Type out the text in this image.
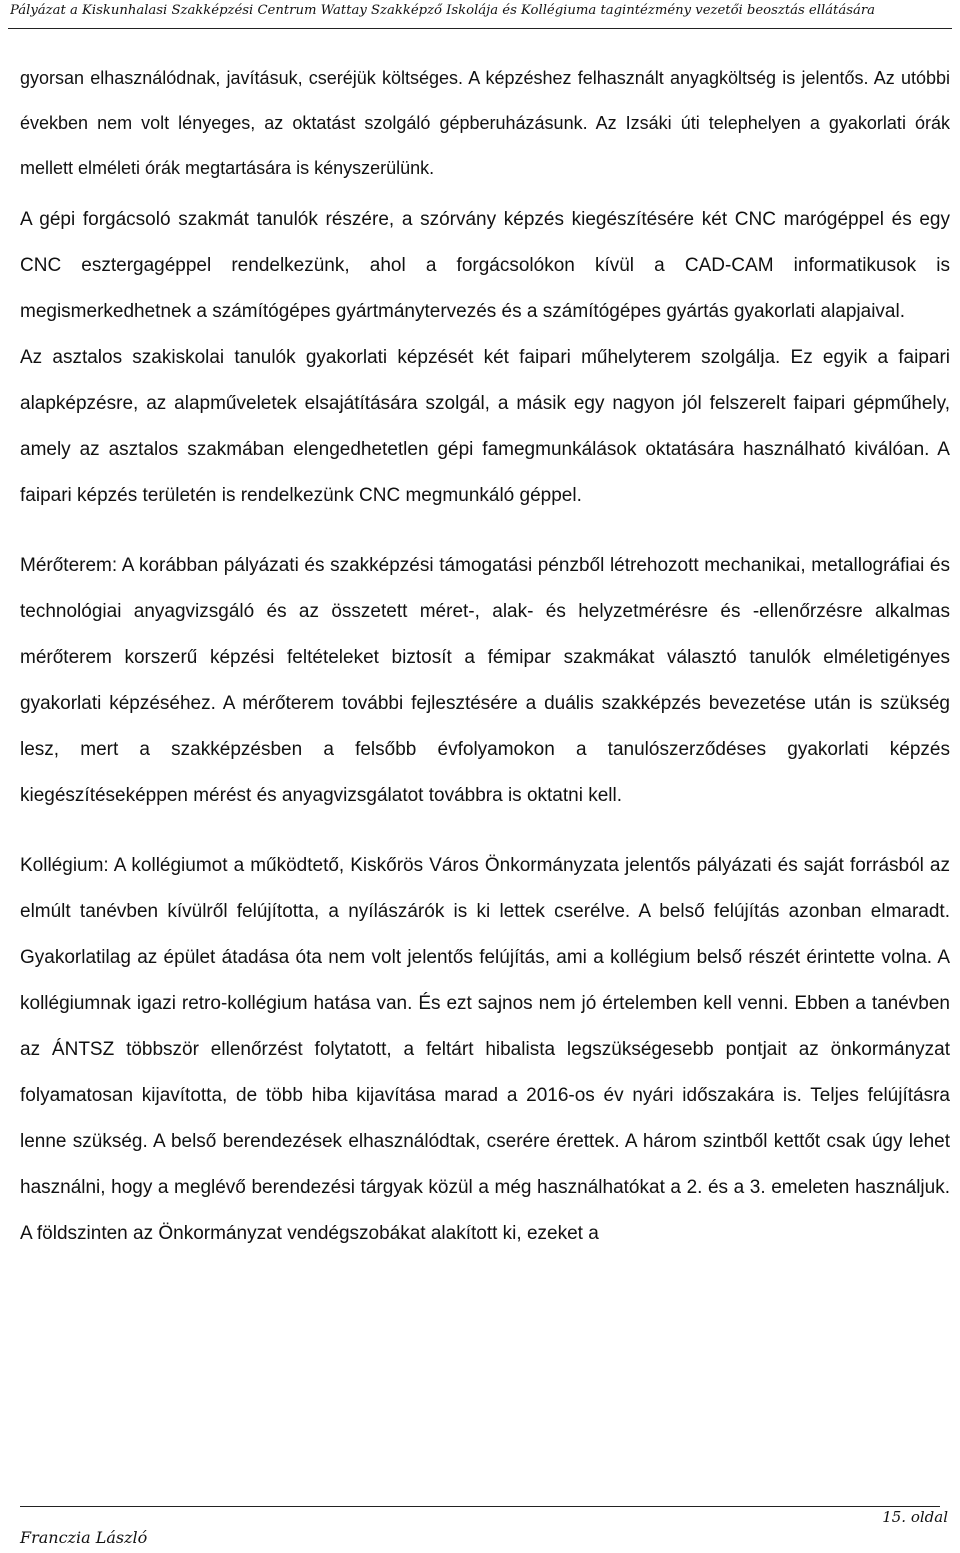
Pályázat a Kiskunhalasi Szakképzési Centrum Wattay Szakképző Iskolája és Kollégiuma tagintézmény vezetői beosztás ellátására

gyorsan elhasználódnak, javításuk, cseréjük költséges. A képzéshez felhasznált anyagköltség is jelentős. Az utóbbi években nem volt lényeges, az oktatást szolgáló gépberuházásunk. Az Izsáki úti telephelyen a gyakorlati órák mellett elméleti órák megtartására is kényszerülünk.

A gépi forgácsoló szakmát tanulók részére, a szórvány képzés kiegészítésére két CNC marógéppel és egy CNC esztergagéppel rendelkezünk, ahol a forgácsolókon kívül a CAD-CAM informatikusok is megismerkedhetnek a számítógépes gyártmánytervezés és a számítógépes gyártás gyakorlati alapjaival.

Az asztalos szakiskolai tanulók gyakorlati képzését két faipari műhelyterem szolgálja. Ez egyik a faipari alapképzésre, az alapműveletek elsajátítására szolgál, a másik egy nagyon jól felszerelt faipari gépműhely, amely az asztalos szakmában elengedhetetlen gépi famegmunkálások oktatására használható kiválóan. A faipari képzés területén is rendelkezünk CNC megmunkáló géppel.

Mérőterem: A korábban pályázati és szakképzési támogatási pénzből létrehozott mechanikai, metallográfiai és technológiai anyagvizsgáló és az összetett méret-, alak- és helyzetmérésre és -ellenőrzésre alkalmas mérőterem korszerű képzési feltételeket biztosít a fémipar szakmákat választó tanulók elméletigényes gyakorlati képzéséhez. A mérőterem további fejlesztésére a duális szakképzés bevezetése után is szükség lesz, mert a szakképzésben a felsőbb évfolyamokon a tanulószerződéses gyakorlati képzés kiegészítéseképpen mérést és anyagvizsgálatot továbbra is oktatni kell.

Kollégium: A kollégiumot a működtető, Kiskőrös Város Önkormányzata jelentős pályázati és saját forrásból az elmúlt tanévben kívülről felújította, a nyílászárók is ki lettek cserélve. A belső felújítás azonban elmaradt. Gyakorlatilag az épület átadása óta nem volt jelentős felújítás, ami a kollégium belső részét érintette volna. A kollégiumnak igazi retro-kollégium hatása van. És ezt sajnos nem jó értelemben kell venni. Ebben a tanévben az ÁNTSZ többször ellenőrzést folytatott, a feltárt hibalista legszükségesebb pontjait az önkormányzat folyamatosan kijavította, de több hiba kijavítása marad a 2016-os év nyári időszakára is. Teljes felújításra lenne szükség. A belső berendezések elhasználódtak, cserére érettek. A három szintből kettőt csak úgy lehet használni, hogy a meglévő berendezési tárgyak közül a még használhatókat a 2. és a 3. emeleten használjuk. A földszinten az Önkormányzat vendégszobákat alakított ki, ezeket a

Franczia László
15. oldal
